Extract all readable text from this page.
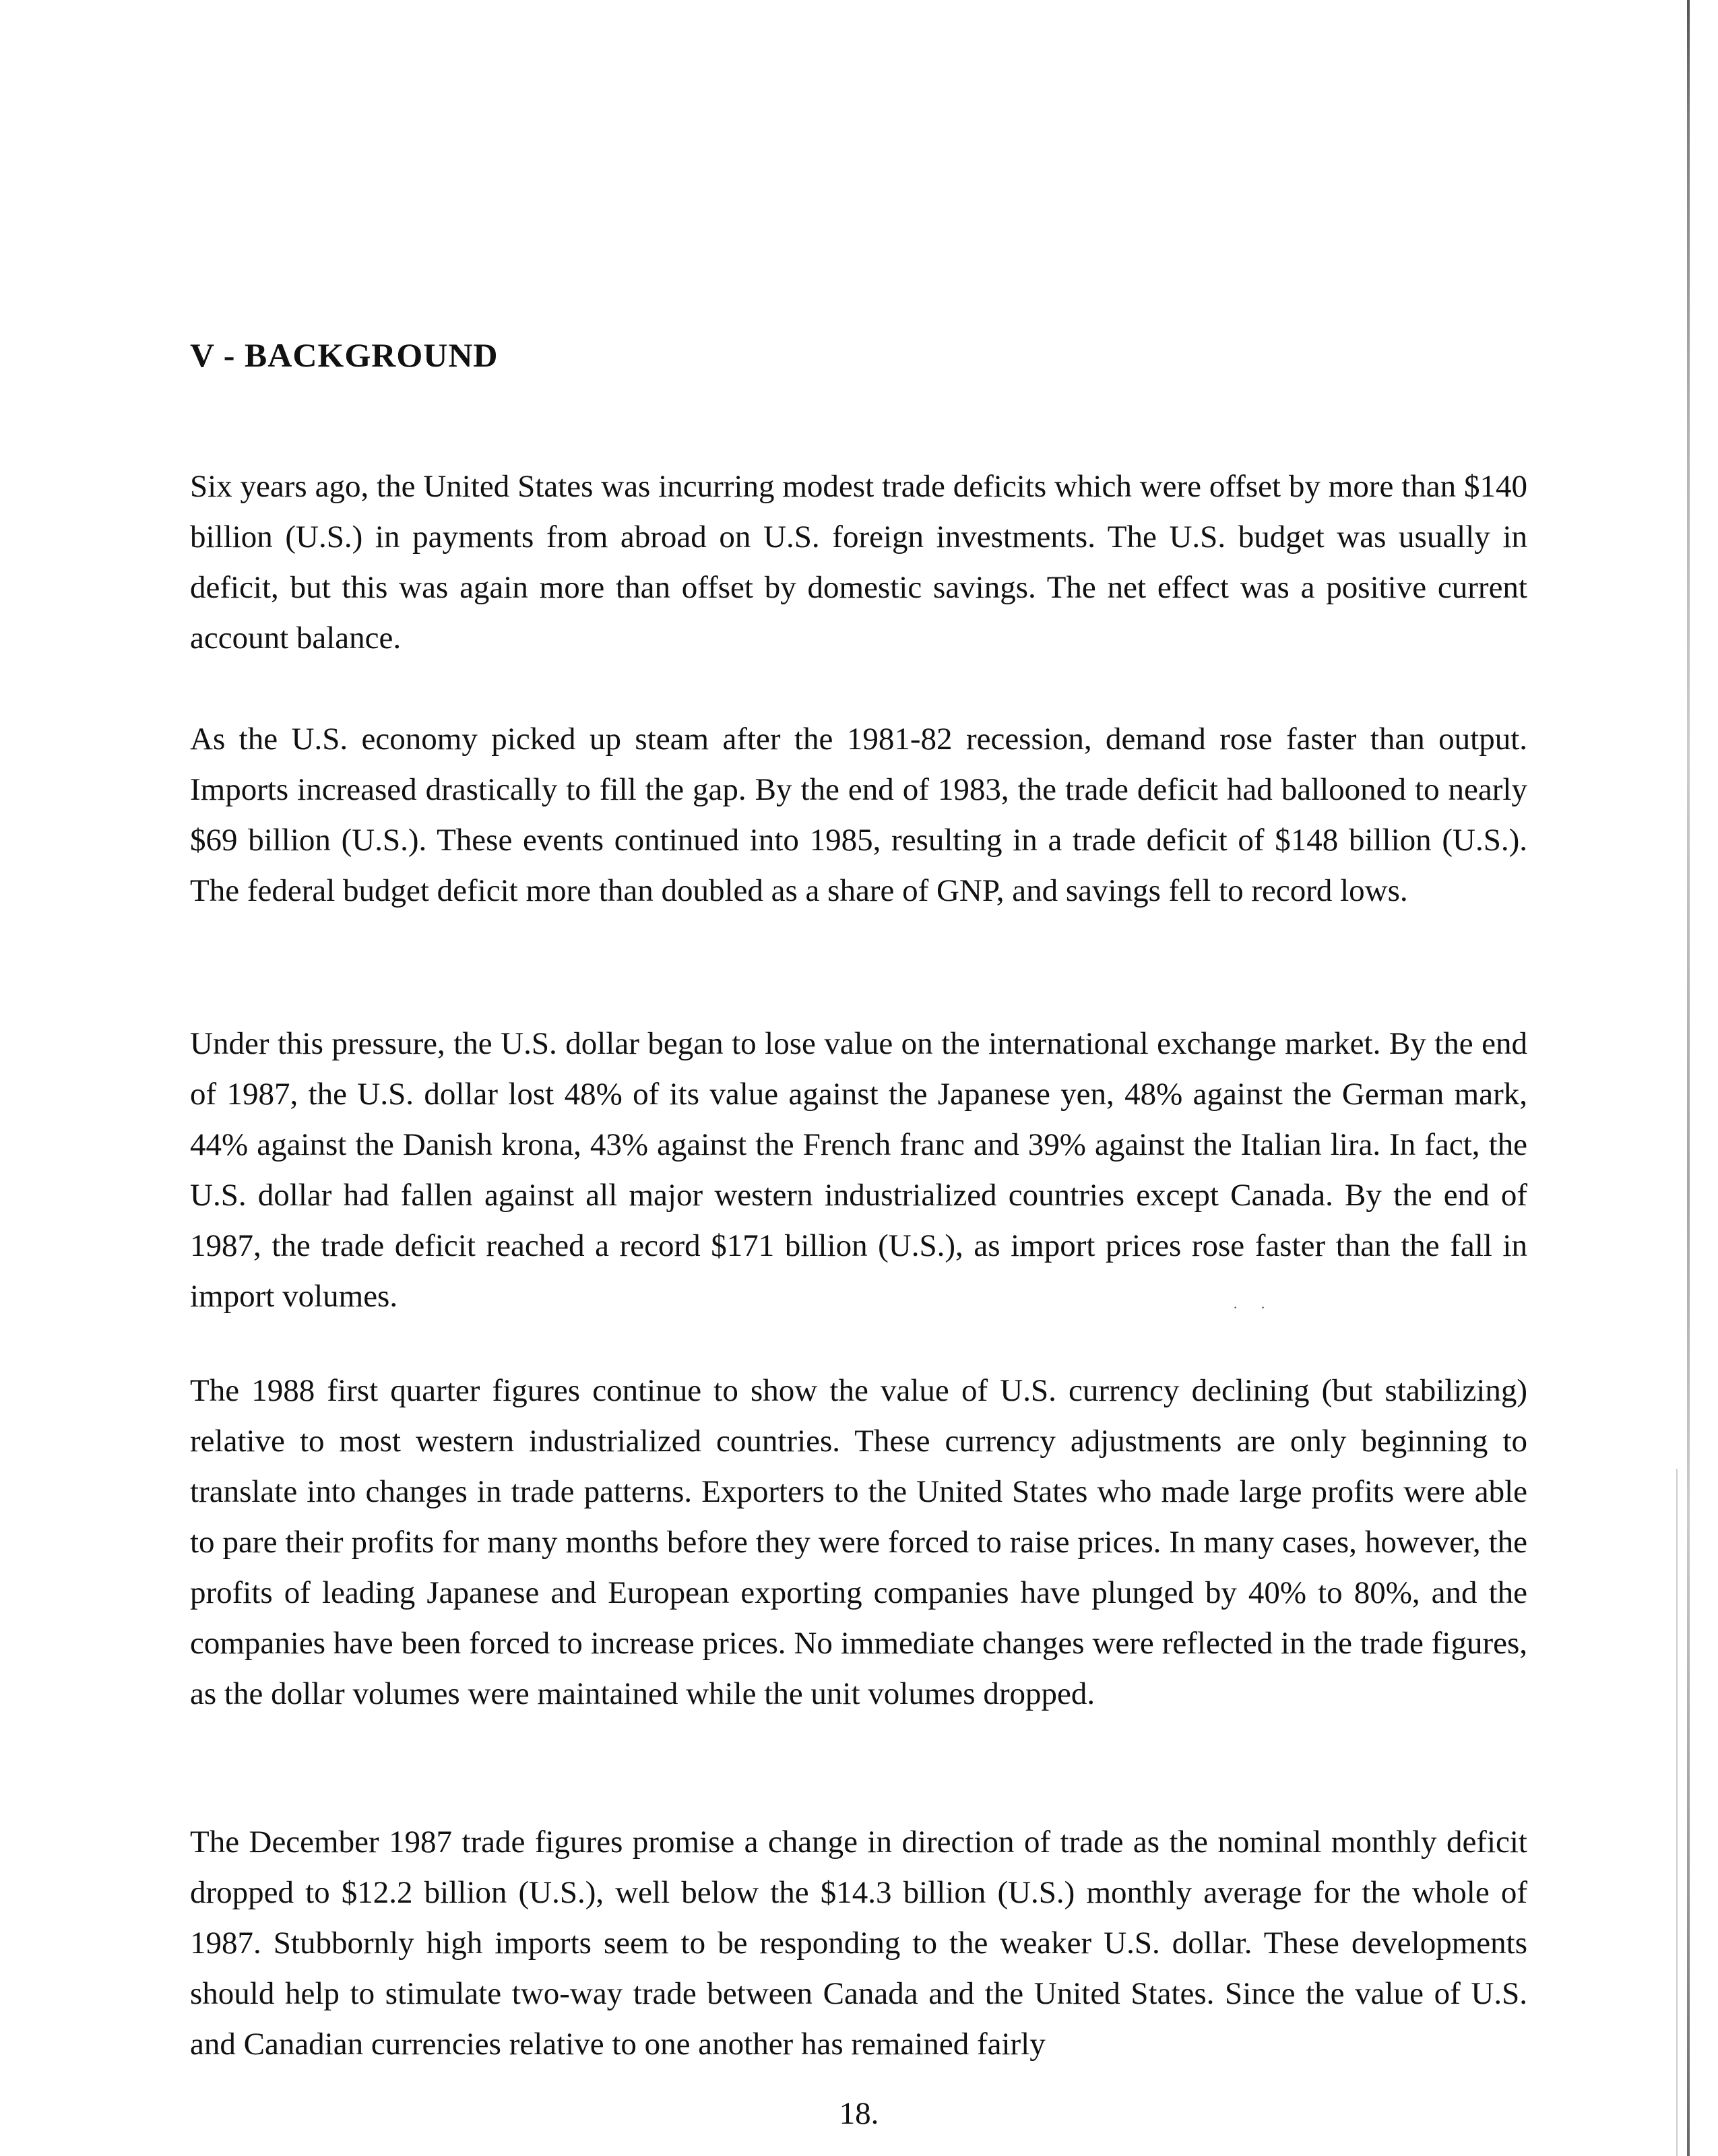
· ·
V - BACKGROUND

Six years ago, the United States was incurring modest trade deficits which were offset by more than $140 billion (U.S.) in payments from abroad on U.S. foreign investments. The U.S. budget was usually in deficit, but this was again more than offset by domestic savings. The net effect was a positive current account balance.

As the U.S. economy picked up steam after the 1981-82 recession, demand rose faster than output. Imports increased drastically to fill the gap. By the end of 1983, the trade deficit had ballooned to nearly $69 billion (U.S.). These events continued into 1985, resulting in a trade deficit of $148 billion (U.S.). The federal budget deficit more than doubled as a share of GNP, and savings fell to record lows.

Under this pressure, the U.S. dollar began to lose value on the international exchange market. By the end of 1987, the U.S. dollar lost 48% of its value against the Japanese yen, 48% against the German mark, 44% against the Danish krona, 43% against the French franc and 39% against the Italian lira. In fact, the U.S. dollar had fallen against all major western industrialized countries except Canada. By the end of 1987, the trade deficit reached a record $171 billion (U.S.), as import prices rose faster than the fall in import volumes.

The 1988 first quarter figures continue to show the value of U.S. currency declining (but stabilizing) relative to most western industrialized countries. These currency adjustments are only beginning to translate into changes in trade patterns. Exporters to the United States who made large profits were able to pare their profits for many months before they were forced to raise prices. In many cases, however, the profits of leading Japanese and European exporting companies have plunged by 40% to 80%, and the companies have been forced to increase prices. No immediate changes were reflected in the trade figures, as the dollar volumes were maintained while the unit volumes dropped.

The December 1987 trade figures promise a change in direction of trade as the nominal monthly deficit dropped to $12.2 billion (U.S.), well below the $14.3 billion (U.S.) monthly average for the whole of 1987. Stubbornly high imports seem to be responding to the weaker U.S. dollar. These developments should help to stimulate two-way trade between Canada and the United States. Since the value of U.S. and Canadian currencies relative to one another has remained fairly

18.
